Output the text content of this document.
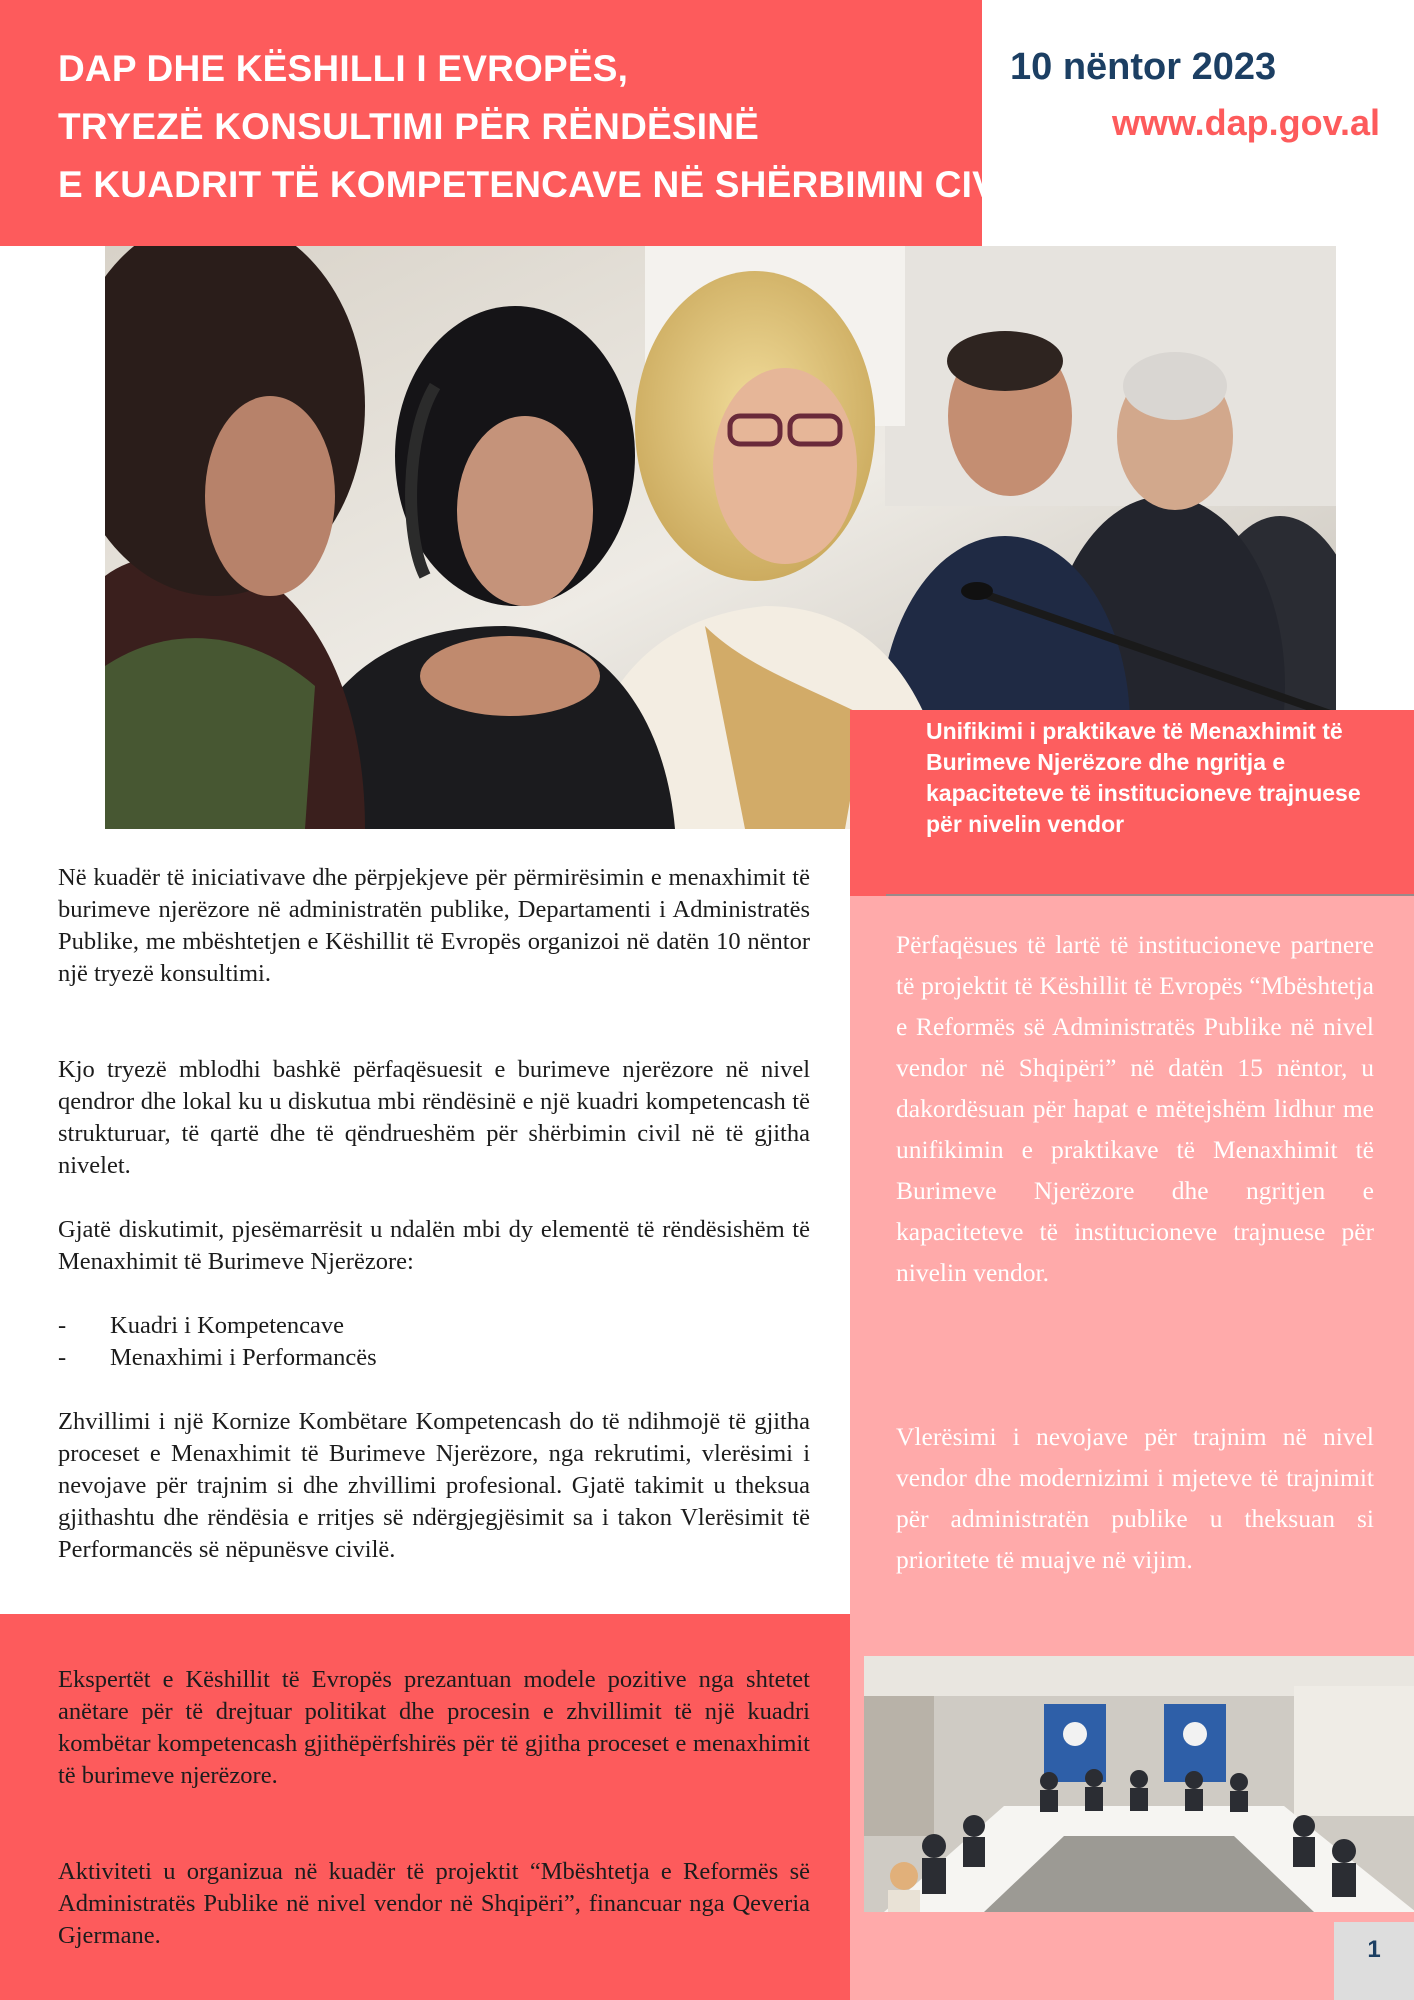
DAP DHE KËSHILLI I EVROPËS,
TRYEZË KONSULTIMI PËR RËNDËSINË
E KUADRIT TË KOMPETENCAVE NË SHËRBIMIN CIVIL
10 nëntor 2023
www.dap.gov.al

Unifikimi i praktikave të Menaxhimit të Burimeve Njerëzore dhe ngritja e kapaciteteve të institucioneve trajnuese për nivelin vendor

Përfaqësues të lartë të institucioneve partnere të projektit të Këshillit të Evropës “Mbështetja e Reformës së Administratës Publike në nivel vendor në Shqipëri” në datën 15 nëntor, u dakordësuan për hapat e mëtejshëm lidhur me unifikimin e praktikave të Menaxhimit të Burimeve Njerëzore dhe ngritjen e kapaciteteve të institucioneve trajnuese për nivelin vendor.

Vlerësimi i nevojave për trajnim në nivel vendor dhe modernizimi i mjeteve të trajnimit për administratën publike u theksuan si prioritete të muajve në vijim.

Në kuadër të iniciativave dhe përpjekjeve për përmirësimin e menaxhimit të burimeve njerëzore në administratën publike, Departamenti i Administratës Publike, me mbështetjen e Këshillit të Evropës organizoi në datën 10 nëntor një tryezë konsultimi.

Kjo tryezë mblodhi bashkë përfaqësuesit e burimeve njerëzore në nivel qendror dhe lokal ku u diskutua mbi rëndësinë e një kuadri kompetencash të strukturuar, të qartë dhe të qëndrueshëm për shërbimin civil në të gjitha nivelet.

Gjatë diskutimit, pjesëmarrësit u ndalën mbi dy elementë të rëndësishëm të Menaxhimit të Burimeve Njerëzore:

-	Kuadri i Kompetencave
-	Menaxhimi i Performancës

Zhvillimi i një Kornize Kombëtare Kompetencash do të ndihmojë të gjitha proceset e Menaxhimit të Burimeve Njerëzore, nga rekrutimi, vlerësimi i nevojave për trajnim si dhe zhvillimi profesional. Gjatë takimit u theksua gjithashtu dhe rëndësia e rritjes së ndërgjegjësimit sa i takon Vlerësimit të Performancës së nëpunësve civilë.

Ekspertët e Këshillit të Evropës prezantuan modele pozitive nga shtetet anëtare për të drejtuar politikat dhe procesin e zhvillimit të një kuadri kombëtar kompetencash gjithëpërfshirës për të gjitha proceset e menaxhimit të burimeve njerëzore.

Aktiviteti u organizua në kuadër të projektit “Mbështetja e Reformës së Administratës Publike në nivel vendor në Shqipëri”, financuar nga Qeveria Gjermane.

1
